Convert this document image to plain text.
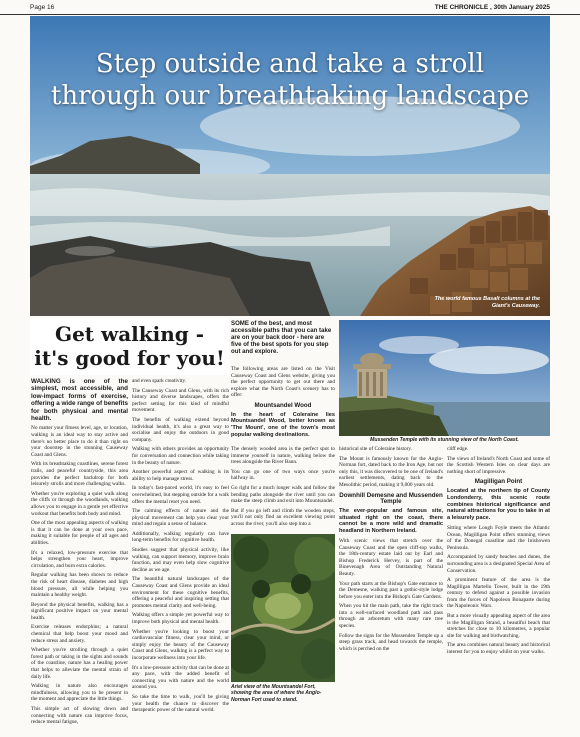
Page 16	THE CHRONICLE , 30th January 2025
Step outside and take a stroll
through our breathtaking landscape
The world famous Basalt columns at the Giant's Causeway.
Get walking -
it's good for you!

WALKING is one of the simplest, most accessible, and low-impact forms of exercise, offering a wide range of benefits for both physical and mental health.

No matter your fitness level, age, or location, walking is an ideal way to stay active and there's no better place to do it than right on your doorstep in the stunning Causeway Coast and Glens.

With its breathtaking coastlines, serene forest trails, and peaceful countryside, this area provides the perfect backdrop for both leisurely strolls and more challenging walks.

Whether you're exploring a quiet walk along the cliffs or through the woodlands, walking allows you to engage in a gentle yet effective workout that benefits both body and mind.

One of the most appealing aspects of walking is that it can be done at your own pace, making it suitable for people of all ages and abilities.

It's a relaxed, low-pressure exercise that helps strengthen your heart, improve circulation, and burn extra calories.

Regular walking has been shown to reduce the risk of heart disease, diabetes and high blood pressure, all while helping you maintain a healthy weight.

Beyond the physical benefits, walking has a significant positive impact on your mental health.

Exercise releases endorphins; a natural chemical that help boost your mood and reduce stress and anxiety.

Whether you're strolling through a quiet forest path or taking in the sights and sounds of the coastline, nature has a healing power that helps to alleviate the mental strain of daily life.

Walking in nature also encourages mindfulness, allowing you to be present in the moment and appreciate the little things.

This simple act of slowing down and connecting with nature can improve focus, reduce mental fatigue,

and even spark creativity.

The Causeway Coast and Glens, with its rich history and diverse landscapes, offers the perfect setting for this kind of mindful movement.

The benefits of walking extend beyond individual health, it's also a great way to socialise and enjoy the outdoors in good company.

Walking with others provides an opportunity for conversation and connection while taking in the beauty of nature.

Another powerful aspect of walking is its ability to help manage stress.

In today's fast-paced world, it's easy to feel overwhelmed, but stepping outside for a walk offers the mental reset you need.

The calming effects of nature and the physical movement can help you clear your mind and regain a sense of balance.

Additionally, walking regularly can have long-term benefits for cognitive health.

Studies suggest that physical activity, like walking, can support memory, improve brain function, and may even help slow cognitive decline as we age.

The beautiful natural landscapes of the Causeway Coast and Glens provide an ideal environment for these cognitive benefits, offering a peaceful and inspiring setting that promotes mental clarity and well-being.

Walking offers a simple yet powerful way to improve both physical and mental health.

Whether you're looking to boost your cardiovascular fitness, clear your mind, or simply enjoy the beauty of the Causeway Coast and Glens, walking is a perfect way to incorporate wellness into your life.

It's a low-pressure activity that can be done at any pace, with the added benefit of connecting you with nature and the world around you.

So take the time to walk, you'll be giving your health the chance to discover the therapeutic power of the natural world.

SOME of the best, and most accessible paths that you can take are on your back door - here are five of the best spots for you step out and explore.
Mussenden Temple with its stunning view of the North Coast.

The following areas are listed on the Visit Causeway Coast and Glens website, giving you the perfect opportunity to get out there and explore what the North Coast's scenery has to offer:

Mountsandel Wood

In the heart of Coleraine lies Mountsandel Wood, better known as 'The Mount', one of the town's most popular walking destinations.

The densely wooded area is the perfect spot to immerse yourself in nature, walking below the trees alongside the River Bann.

You can go one of two ways once you're halfway in.

Go right for a much longer walk and follow the bending paths alongside the river until you can make the steep climb and exit into Mountsandel.

But if you go left and climb the wooden steps, you'll not only find an excellent viewing point across the river, you'll also step into a

Ariel view of the Mountsandel Fort, showing the area of where the Anglo-Norman Fort used to stand.

historical site of Coleraine history.

The Mount is famously known for the Anglo-Norman fort, dated back to the Iron Age, but not only this, it was discovered to be one of Ireland's earliest settlements, dating back to the Mesolithic period, making it 9,000 years old.

Downhill Demesne and Mussenden Temple

The ever-popular and famous site, situated right on the coast, there cannot be a more wild and dramatic headland in Northern Ireland.

With scenic views that stretch over the Causeway Coast and the open cliff-top walks, the 18th-century estate laid out by Earl and Bishop Frederick Hervey, is part of the Binevenagh Area of Outstanding Natural Beauty.

Your path starts at the Bishop's Gate entrance to the Demesne, walking past a gothic-style lodge before you enter into the Bishop's Gate Gardens.

When you hit the main path, take the right track into a well-surfaced woodland path and pass through an arboretum with many rare tree species.

Follow the signs for the Mussenden Temple up a steep grass track, and head towards the temple, which is perched on the

cliff edge.

The views of Ireland's North Coast and some of the Scottish Western Isles on clear days are nothing short of impressive.

Magilligan Point

Located at the northern tip of County Londonderry, this scenic route combines historical significance and natural attractions for you to take in at a leisurely pace.

Sitting where Lough Foyle meets the Atlantic Ocean, Magilligan Point offers stunning views of the Donegal coastline and the Inishowen Peninsula.

Accompanied by sandy beaches and dunes, the surrounding area is a designated Special Area of Conservation.

A prominent feature of the area is the Magilligan Martello Tower, built in the 19th century to defend against a possible invasion from the forces of Napoleon Bonaparte during the Napoleonic Wars.

But a more visually appealing aspect of the area is the Magilligan Strand, a beautiful beach that stretches for close to 10 kilometres, a popular site for walking and birdwatching.

The area combines natural beauty and historical interest for you to enjoy whilst on your walks.
